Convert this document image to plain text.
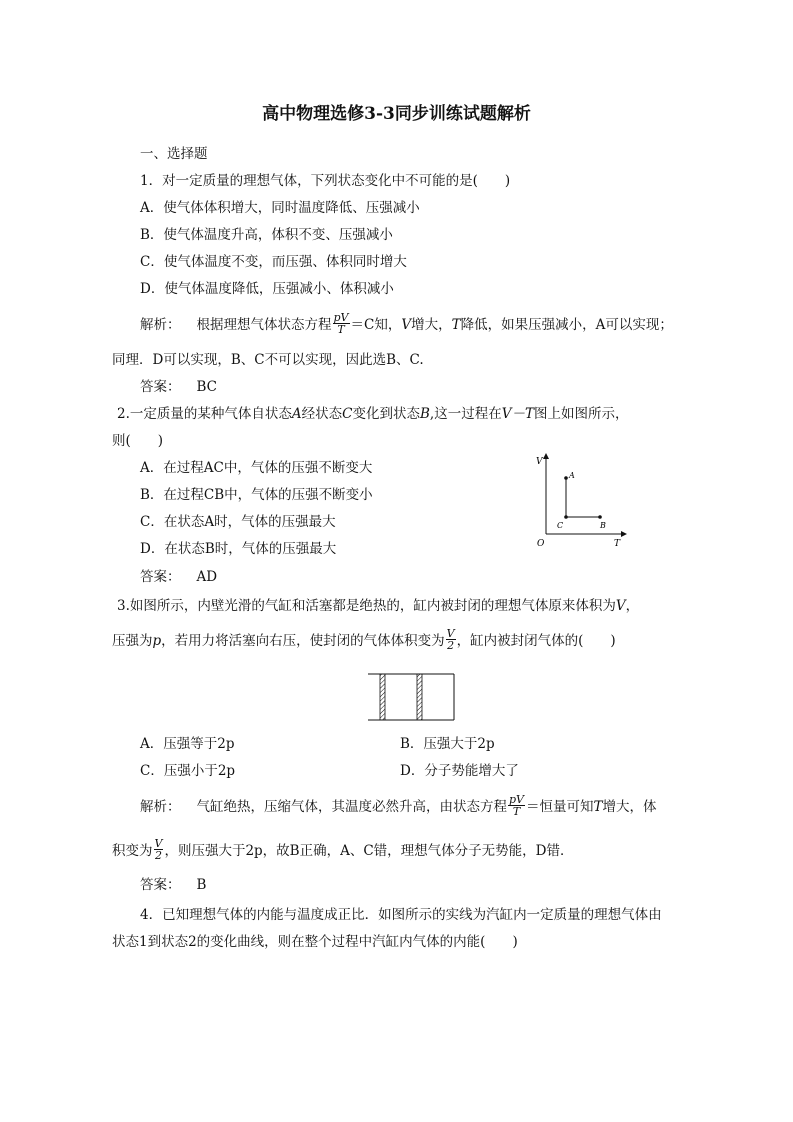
高中物理选修3-3同步训练试题解析
一、选择题
1．对一定质量的理想气体，下列状态变化中不可能的是(　　)
A．使气体体积增大，同时温度降低、压强减小
B．使气体温度升高，体积不变、压强减小
C．使气体温度不变，而压强、体积同时增大
D．使气体温度降低，压强减小、体积减小
解析： 根据理想气体状态方程 $\frac{pV}{T} =C$知，V增大，T降低，如果压强减小，A可以实现；
同理．D可以实现，B、C不可以实现，因此选B、C.
答案： BC
2.一定质量的某种气体自状态A经状态C变化到状态B,这一过程在V－T图上如图所示，
则(　　)
A．在过程AC中，气体的压强不断变大
B．在过程CB中，气体的压强不断变小
C．在状态A时，气体的压强最大
D．在状态B时，气体的压强最大
答案： AD
V
T
O
A
C	B
3.如图所示，内壁光滑的气缸和活塞都是绝热的，缸内被封闭的理想气体原来体积为V，
压强为p，若用力将活塞向右压，使封闭的气体体积变为 $\frac{V}{2}$ ，缸内被封闭气体的(　　)
A．压强等于2p	B．压强大于2p
C．压强小于2p	D．分子势能增大了
解析： 气缸绝热，压缩气体，其温度必然升高，由状态方程 $\frac{pV}{T}$ ＝恒量可知T增大，体
积变为 $\frac{V}{2}$ ，则压强大于2p，故B正确，A、C错，理想气体分子无势能，D错．
答案： B
4．已知理想气体的内能与温度成正比．如图所示的实线为汽缸内一定质量的理想气体由
状态1到状态2的变化曲线，则在整个过程中汽缸内气体的内能(　　)
